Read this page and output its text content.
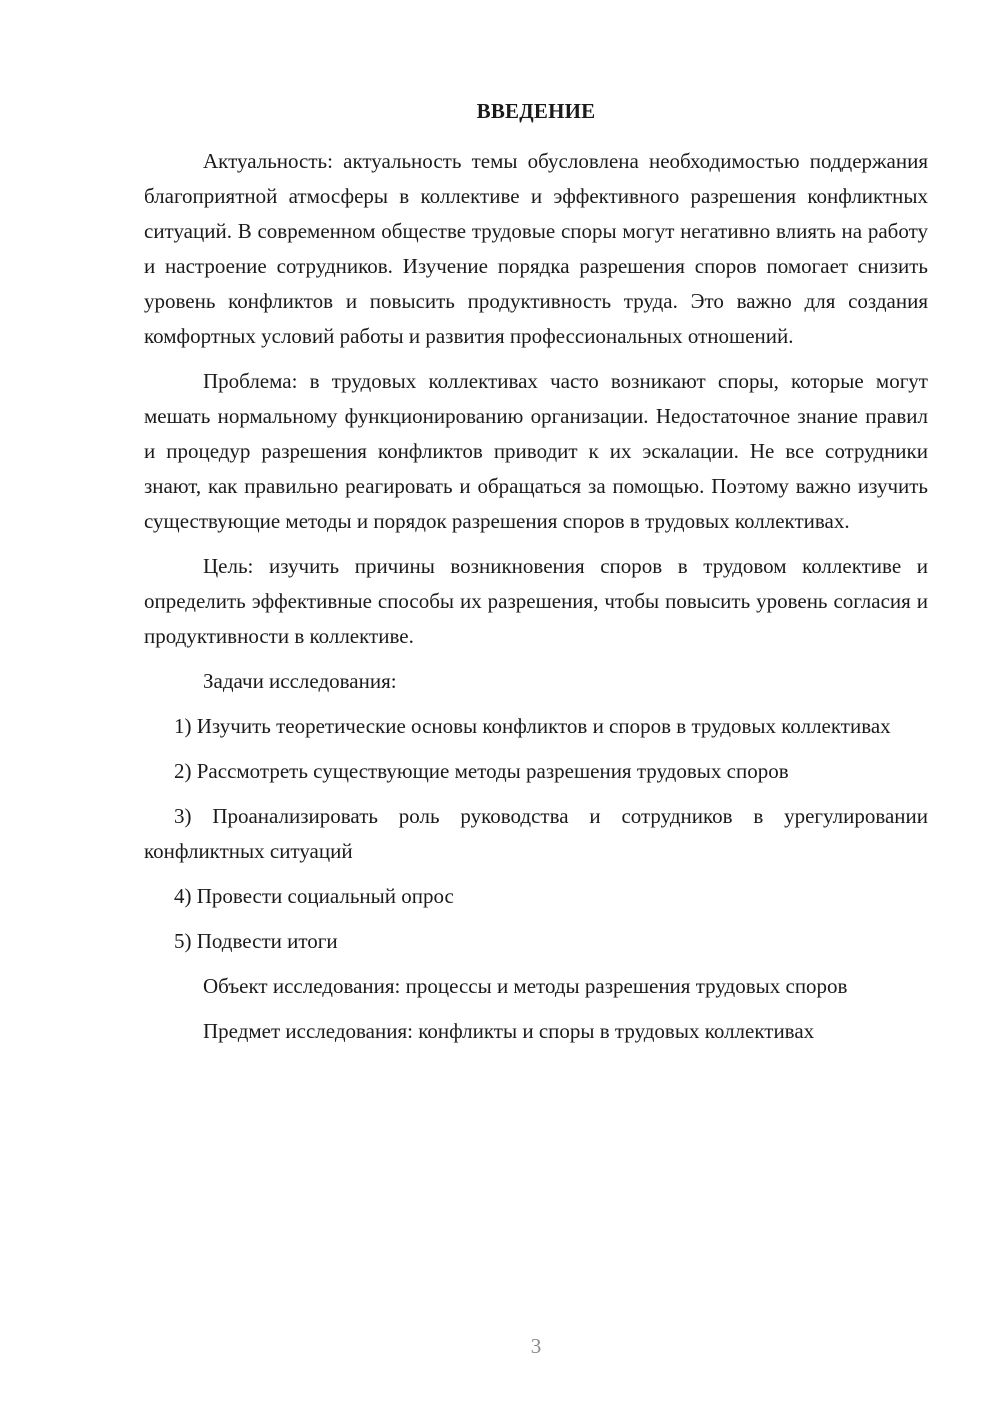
ВВЕДЕНИЕ

Актуальность: актуальность темы обусловлена необходимостью поддержания благоприятной атмосферы в коллективе и эффективного разрешения конфликтных ситуаций. В современном обществе трудовые споры могут негативно влиять на работу и настроение сотрудников. Изучение порядка разрешения споров помогает снизить уровень конфликтов и повысить продуктивность труда. Это важно для создания комфортных условий работы и развития профессиональных отношений.

Проблема: в трудовых коллективах часто возникают споры, которые могут мешать нормальному функционированию организации. Недостаточное знание правил и процедур разрешения конфликтов приводит к их эскалации. Не все сотрудники знают, как правильно реагировать и обращаться за помощью. Поэтому важно изучить существующие методы и порядок разрешения споров в трудовых коллективах.

Цель: изучить причины возникновения споров в трудовом коллективе и определить эффективные способы их разрешения, чтобы повысить уровень согласия и продуктивности в коллективе.

Задачи исследования:

1) Изучить теоретические основы конфликтов и споров в трудовых коллективах

2) Рассмотреть существующие методы разрешения трудовых споров

3) Проанализировать роль руководства и сотрудников в урегулировании конфликтных ситуаций

4) Провести социальный опрос

5) Подвести итоги

Объект исследования: процессы и методы разрешения трудовых споров

Предмет исследования: конфликты и споры в трудовых коллективах

3
